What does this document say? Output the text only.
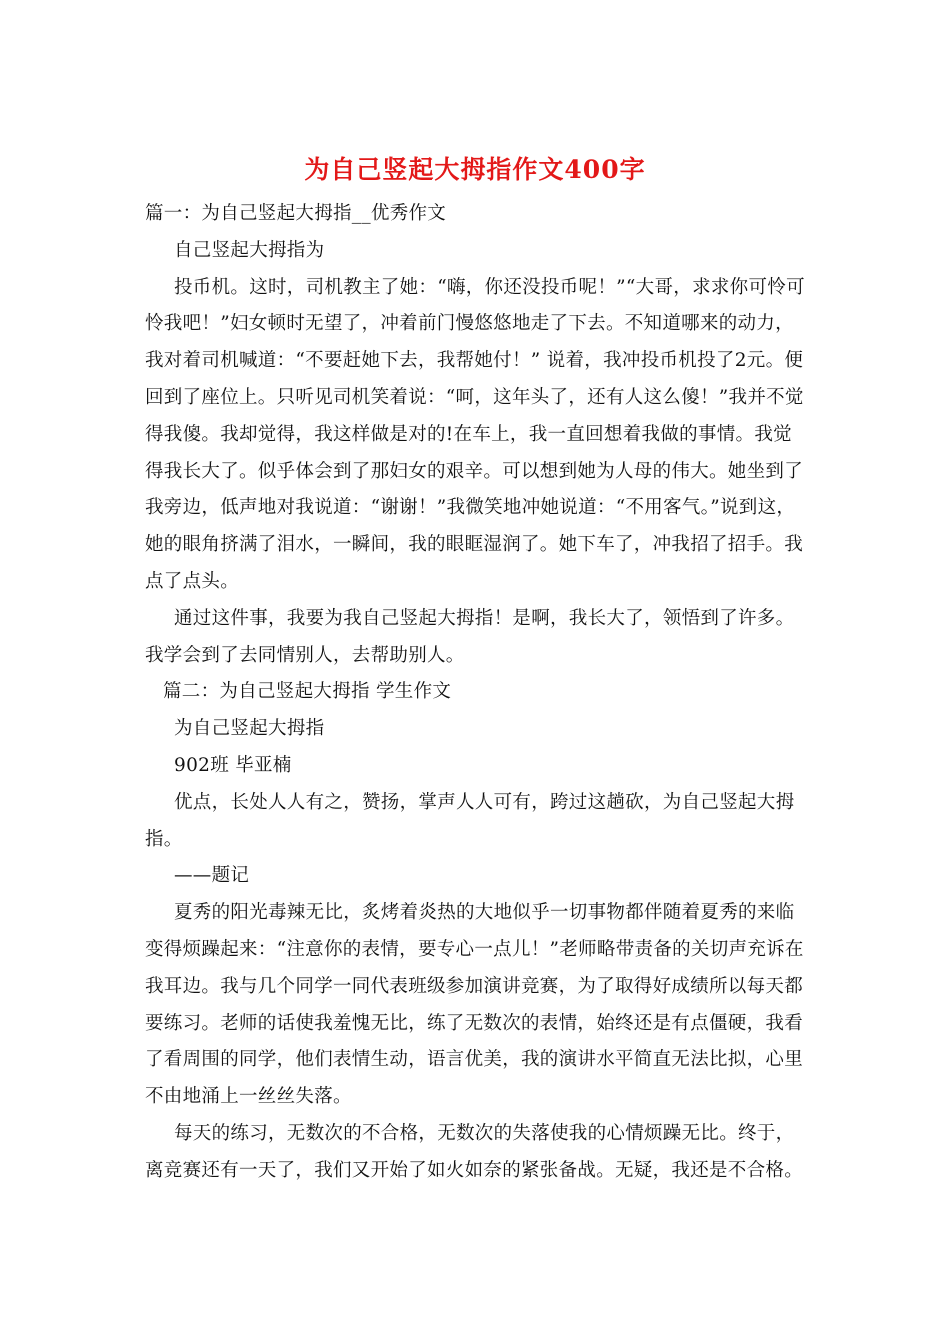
为自己竖起大拇指作文400字

篇一：为自己竖起大拇指__优秀作文

自己竖起大拇指为

投币机。这时，司机教主了她：“嗨，你还没投币呢！”“大哥，求求你可怜可怜我吧！”妇女顿时无望了，冲着前门慢悠悠地走了下去。不知道哪来的动力，我对着司机喊道：“不要赶她下去，我帮她付！” 说着，我冲投币机投了2元。便回到了座位上。只听见司机笑着说：“呵，这年头了，还有人这么傻！”我并不觉得我傻。我却觉得，我这样做是对的!在车上，我一直回想着我做的事情。我觉得我长大了。似乎体会到了那妇女的艰辛。可以想到她为人母的伟大。她坐到了我旁边，低声地对我说道：“谢谢！”我微笑地冲她说道：“不用客气。”说到这，她的眼角挤满了泪水，一瞬间，我的眼眶湿润了。她下车了，冲我招了招手。我点了点头。

通过这件事，我要为我自己竖起大拇指！是啊，我长大了，领悟到了许多。我学会到了去同情别人，去帮助别人。

篇二：为自己竖起大拇指 学生作文

为自己竖起大拇指

902班 毕亚楠

优点，长处人人有之，赞扬，掌声人人可有，跨过这趟砍，为自己竖起大拇指。

——题记

夏秀的阳光毒辣无比，炙烤着炎热的大地似乎一切事物都伴随着夏秀的来临变得烦躁起来：“注意你的表情，要专心一点儿！”老师略带责备的关切声充诉在我耳边。我与几个同学一同代表班级参加演讲竞赛，为了取得好成绩所以每天都要练习。老师的话使我羞愧无比，练了无数次的表情，始终还是有点僵硬，我看了看周围的同学，他们表情生动，语言优美，我的演讲水平简直无法比拟，心里不由地涌上一丝丝失落。

每天的练习，无数次的不合格，无数次的失落使我的心情烦躁无比。终于，离竞赛还有一天了，我们又开始了如火如奈的紧张备战。无疑，我还是不合格。
